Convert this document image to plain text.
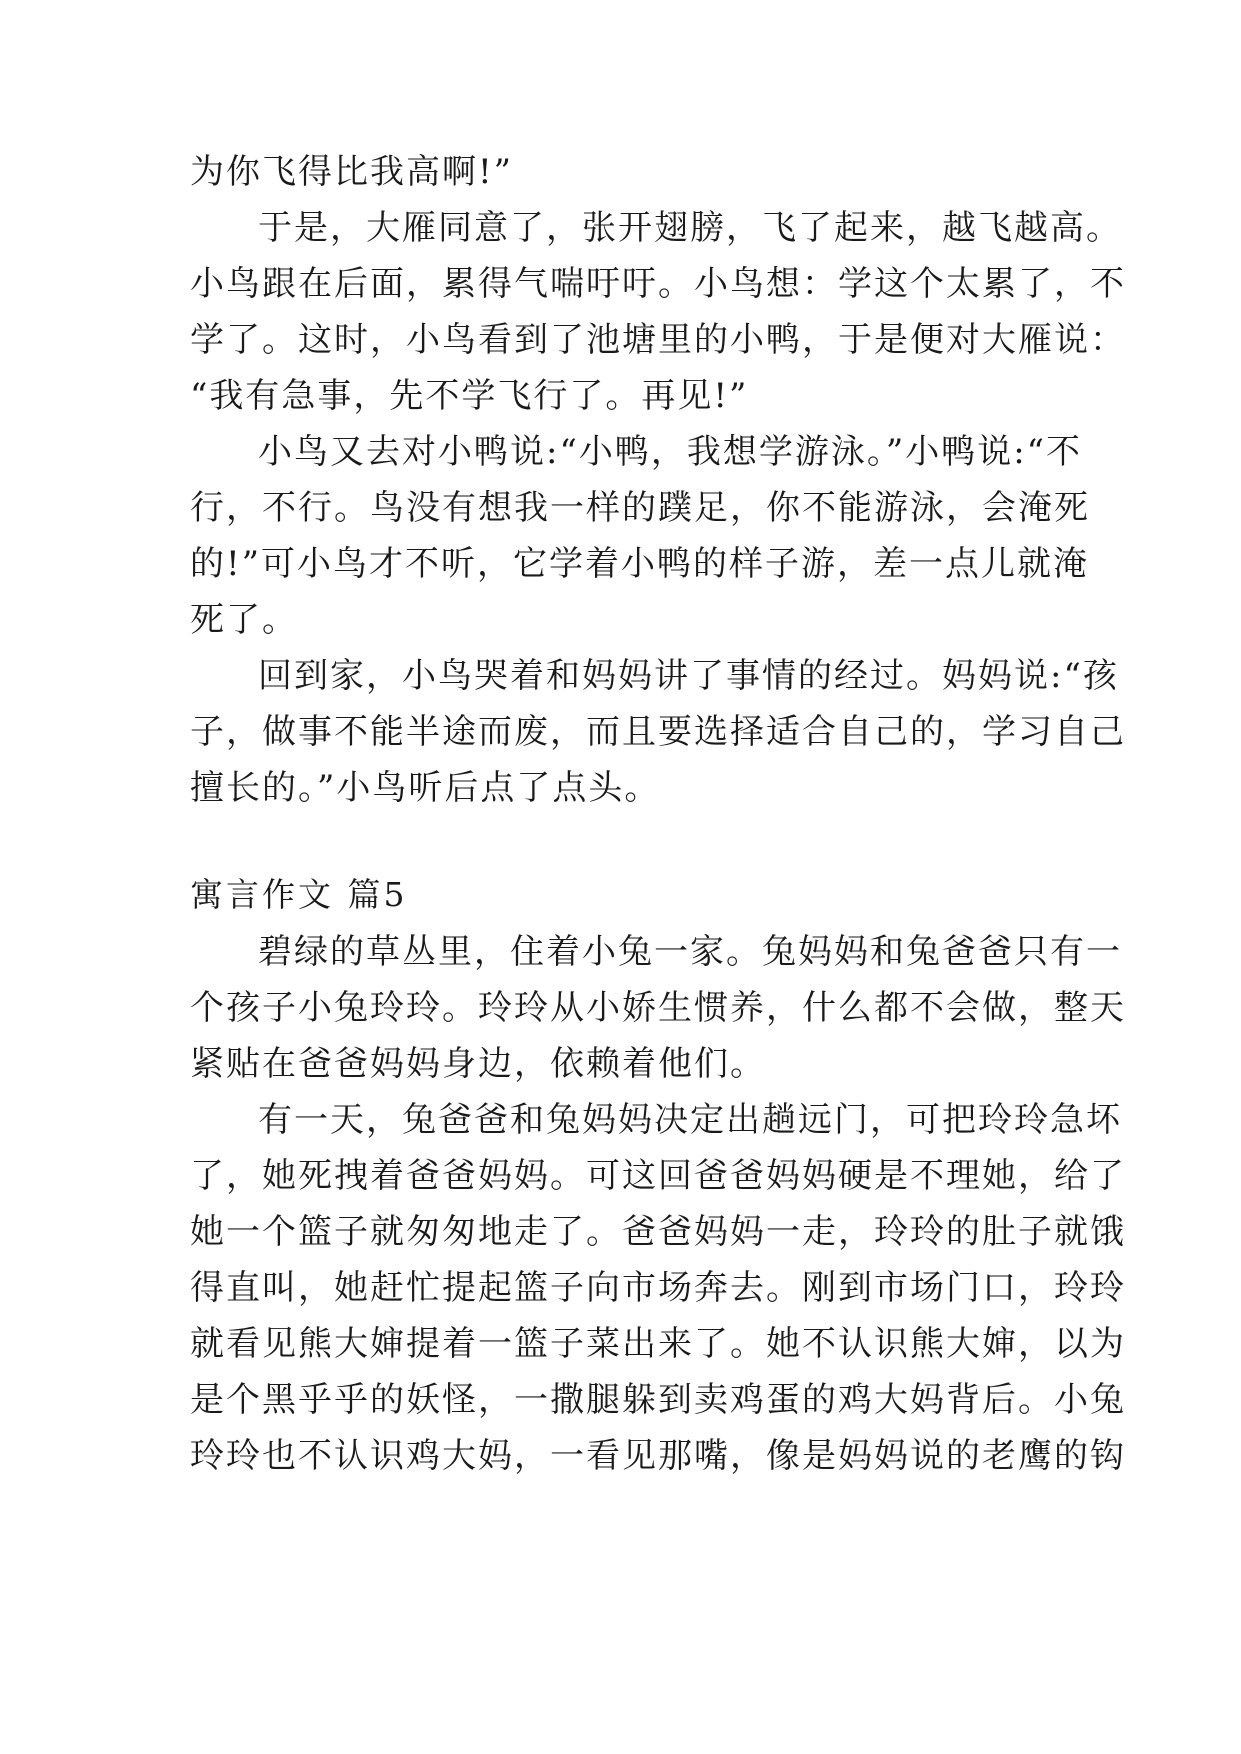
为你飞得比我高啊!”
于是，大雁同意了，张开翅膀，飞了起来，越飞越高。
小鸟跟在后面，累得气喘吁吁。小鸟想：学这个太累了，不
学了。这时，小鸟看到了池塘里的小鸭，于是便对大雁说：
“我有急事，先不学飞行了。再见!”
小鸟又去对小鸭说:“小鸭，我想学游泳。”小鸭说:“不
行，不行。鸟没有想我一样的蹼足，你不能游泳，会淹死
的!”可小鸟才不听，它学着小鸭的样子游，差一点儿就淹
死了。
回到家，小鸟哭着和妈妈讲了事情的经过。妈妈说:“孩
子，做事不能半途而废，而且要选择适合自己的，学习自己
擅长的。”小鸟听后点了点头。
寓言作文 篇5
碧绿的草丛里，住着小兔一家。兔妈妈和兔爸爸只有一
个孩子小兔玲玲。玲玲从小娇生惯养，什么都不会做，整天
紧贴在爸爸妈妈身边，依赖着他们。
有一天，兔爸爸和兔妈妈决定出趟远门，可把玲玲急坏
了，她死拽着爸爸妈妈。可这回爸爸妈妈硬是不理她，给了
她一个篮子就匆匆地走了。爸爸妈妈一走，玲玲的肚子就饿
得直叫，她赶忙提起篮子向市场奔去。刚到市场门口，玲玲
就看见熊大婶提着一篮子菜出来了。她不认识熊大婶，以为
是个黑乎乎的妖怪，一撒腿躲到卖鸡蛋的鸡大妈背后。小兔
玲玲也不认识鸡大妈，一看见那嘴，像是妈妈说的老鹰的钩
